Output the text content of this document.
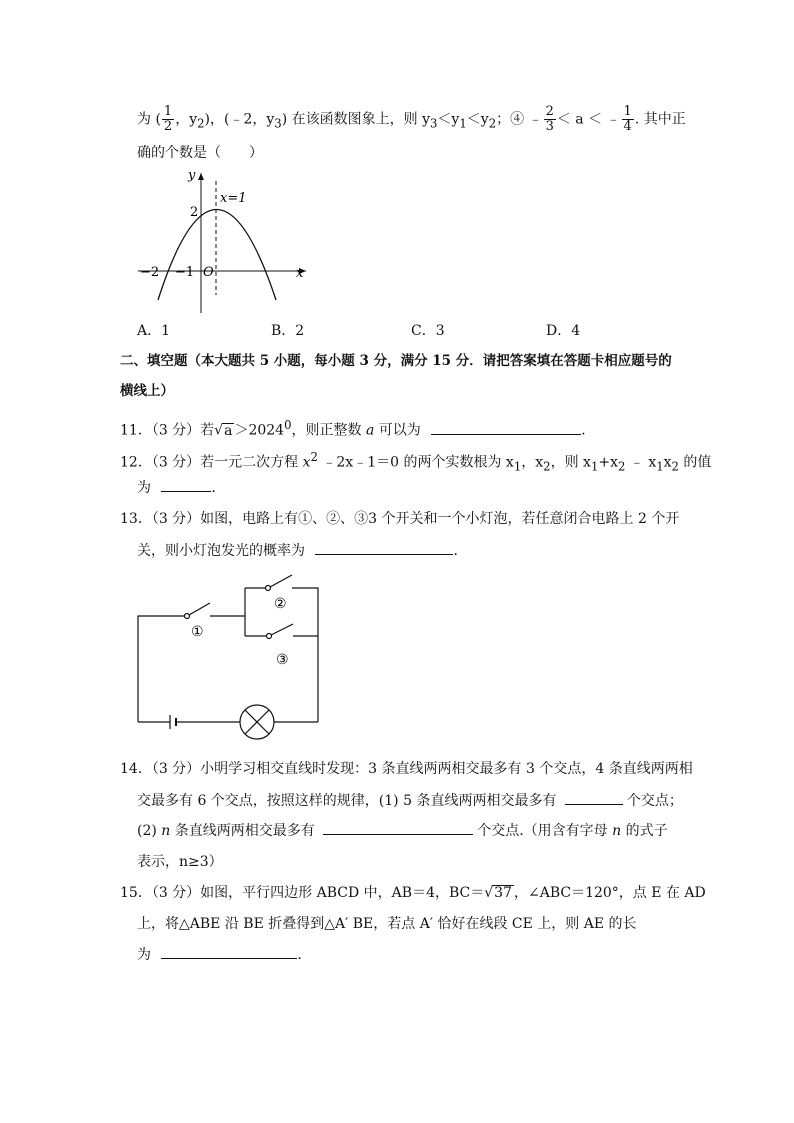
为 ( $\frac{1}{2}$ ，$y_2$)，(﹣2，$y_3$) 在该函数图象上，则 $y_3<y_1<y_2$；④ ﹣ $\frac{2}{3} < a$ ＜ ﹣ $\frac{1}{4}$ . 其中正
确的个数是（　　）
y
x
x=1
2
−2 −1 O
A．1	B．2	C．3	D．4
二、填空题（本大题共 5 小题，每小题 3 分，满分 15 分．请把答案填在答题卡相应题号的
横线上）
11．（3 分）若$√a >2024^0$，则正整数 a 可以为	．
12．（3 分）若一元二次方程 $x^2$ ﹣2x﹣1＝0 的两个实数根为 $x_1$，$x_2$，则 $x_1+x_2$ ﹣ $x_1x_2$ 的值
为	．
13．（3 分）如图，电路上有①、②、③3 个开关和一个小灯泡，若任意闭合电路上 2 个开
关，则小灯泡发光的概率为	．
①
②
③
14．（3 分）小明学习相交直线时发现：3 条直线两两相交最多有 3 个交点，4 条直线两两相
交最多有 6 个交点，按照这样的规律，(1) 5 条直线两两相交最多有	个交点；
(2) n 条直线两两相交最多有	个交点.（用含有字母 n 的式子
表示，n≥3）
15．（3 分）如图，平行四边形 ABCD 中，AB＝4，BC＝√37 ，∠ABC＝120°，点 E 在 AD
上，将△ABE 沿 BE 折叠得到△A′ BE，若点 A′ 恰好在线段 CE 上，则 AE 的长
为	．
